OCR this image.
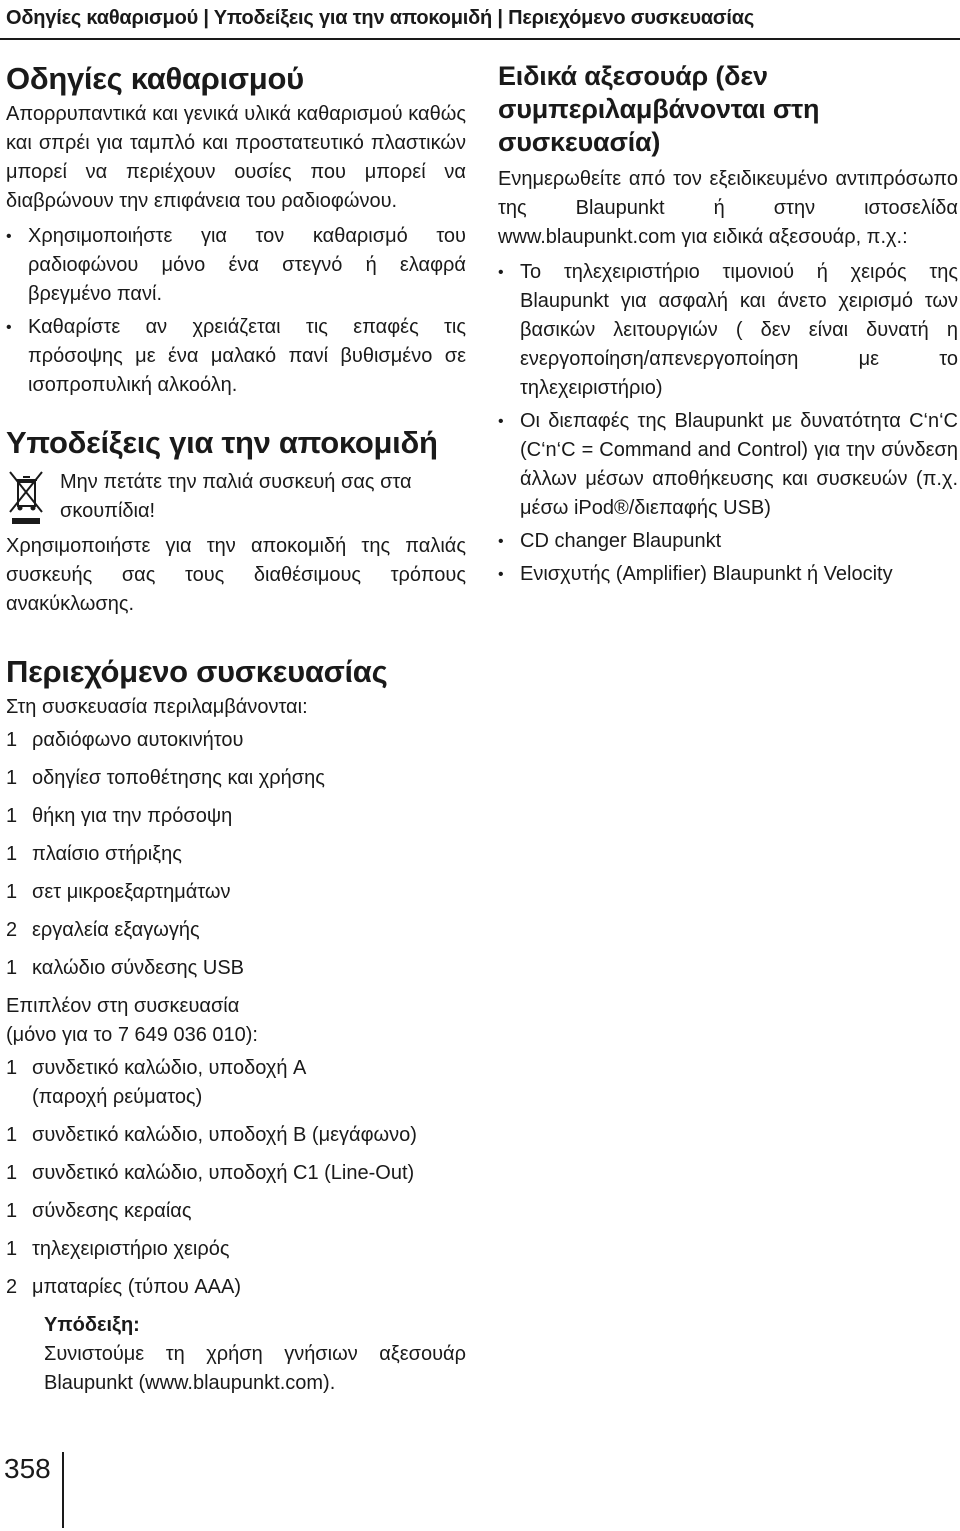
Οδηγίες καθαρισμού | Υποδείξεις για την αποκομιδή | Περιεχόμενο συσκευασίας
Οδηγίες καθαρισμού

Απορρυπαντικά και γενικά υλικά καθαρισμού καθώς και σπρέι για ταμπλό και προστατευτικό πλαστικών μπορεί να περιέχουν ουσίες που μπορεί να διαβρώνουν την επιφάνεια του ραδιοφώνου.

• Χρησιμοποιήστε για τον καθαρισμό του ραδιοφώνου μόνο ένα στεγνό ή ελαφρά βρεγμένο πανί.
• Καθαρίστε αν χρειάζεται τις επαφές τις πρόσοψης με ένα μαλακό πανί βυθισμένο σε ισοπροπυλική αλκοόλη.
Υποδείξεις για την αποκομιδή
Μην πετάτε την παλιά συσκευή σας στα σκουπίδια!

Χρησιμοποιήστε για την αποκομιδή της παλιάς συσκευής σας τους διαθέσιμους τρόπους ανακύκλωσης.

Περιεχόμενο συσκευασίας

Στη συσκευασία περιλαμβάνονται:

1 ραδιόφωνο αυτοκινήτου
1 οδηγίεσ τοποθέτησης και χρήσης
1 θήκη για την πρόσοψη
1 πλαίσιο στήριξης
1 σετ μικροεξαρτημάτων
2 εργαλεία εξαγωγής
1 καλώδιο σύνδεσης USB

Επιπλέον στη συσκευασία

(μόνο για το 7 649 036 010):

1 συνδετικό καλώδιο, υποδοχή A
(παροχή ρεύματος)
1 συνδετικό καλώδιο, υποδοχή B (μεγάφωνο)
1 συνδετικό καλώδιο, υποδοχή C1 (Line-Out)
1 σύνδεσης κεραίας
1 τηλεχειριστήριο χειρός
2 μπαταρίες (τύπου AAA)
Υπόδειξη:

Συνιστούμε τη χρήση γνήσιων αξεσουάρ Blaupunkt (www.blaupunkt.com).

Ειδικά αξεσουάρ (δεν συμπεριλαμβάνονται στη συσκευασία)

Ενημερωθείτε από τον εξειδικευμένο αντιπρόσωπο της Blaupunkt ή στην ιστοσελίδα www.blaupunkt.com για ειδικά αξεσουάρ, π.χ.:

• Το τηλεχειριστήριο τιμονιού ή χειρός της Blaupunkt για ασφαλή και άνετο χειρισμό των βασικών λειτουργιών ( δεν είναι δυνατή η ενεργοποίηση/απενεργοποίηση με το τηλεχειριστήριο)
• Οι διεπαφές της Blaupunkt με δυνατότητα C‘n‘C (C‘n‘C = Command and Control) για την σύνδεση άλλων μέσων αποθήκευσης και συσκευών (π.χ. μέσω iPod®/διεπαφής USB)
• CD changer Blaupunkt
• Ενισχυτής (Amplifier) Blaupunkt ή Velocity
358
